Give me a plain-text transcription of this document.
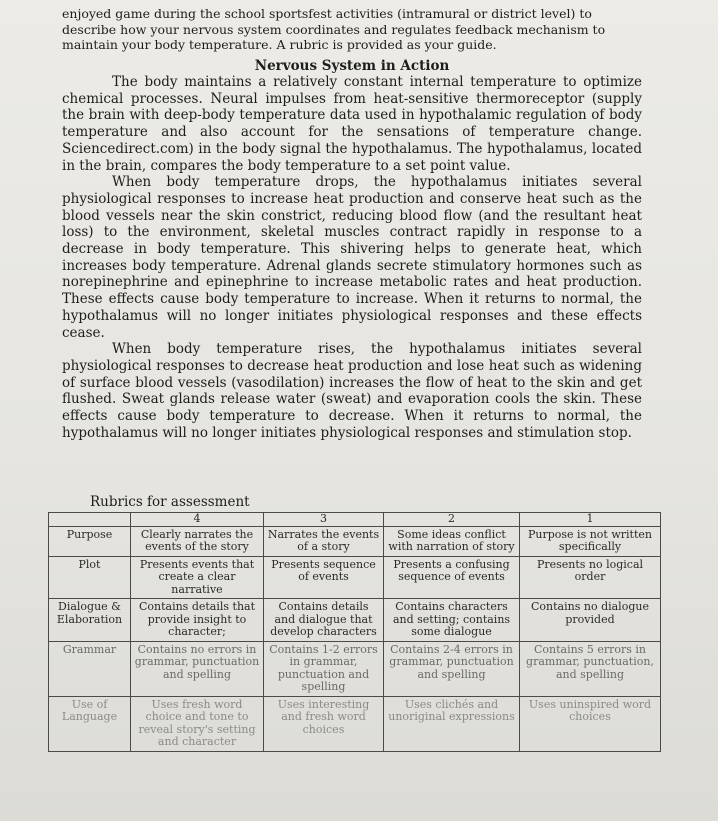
enjoyed game during the school sportsfest activities (intramural or district level) to describe how your nervous system coordinates and regulates feedback mechanism to maintain your body temperature. A rubric is provided as your guide.

Nervous System in Action

The body maintains a relatively constant internal temperature to optimize chemical processes. Neural impulses from heat-sensitive thermoreceptor (supply the brain with deep-body temperature data used in hypothalamic regulation of body temperature and also account for the sensations of temperature change. Sciencedirect.com) in the body signal the hypothalamus. The hypothalamus, located in the brain, compares the body temperature to a set point value.

When body temperature drops, the hypothalamus initiates several physiological responses to increase heat production and conserve heat such as the blood vessels near the skin constrict, reducing blood flow (and the resultant heat loss) to the environment, skeletal muscles contract rapidly in response to a decrease in body temperature. This shivering helps to generate heat, which increases body temperature. Adrenal glands secrete stimulatory hormones such as norepinephrine and epinephrine to increase metabolic rates and heat production. These effects cause body temperature to increase. When it returns to normal, the hypothalamus will no longer initiates physiological responses and these effects cease.

When body temperature rises, the hypothalamus initiates several physiological responses to decrease heat production and lose heat such as widening of surface blood vessels (vasodilation) increases the flow of heat to the skin and get flushed. Sweat glands release water (sweat) and evaporation cools the skin. These effects cause body temperature to decrease. When it returns to normal, the hypothalamus will no longer initiates physiological responses and stimulation stop.

Rubrics for assessment
	4	3	2	1
Purpose	Clearly narrates the events of the story	Narrates the events of a story	Some ideas conflict with narration of story	Purpose is not written specifically
Plot	Presents events that create a clear narrative	Presents sequence of events	Presents a confusing sequence of events	Presents no logical order
Dialogue & Elaboration	Contains details that provide insight to character;	Contains details and dialogue that develop characters	Contains characters and setting; contains some dialogue	Contains no dialogue provided
Grammar	Contains no errors in grammar, punctuation and spelling	Contains 1-2 errors in grammar, punctuation and spelling	Contains 2-4 errors in grammar, punctuation and spelling	Contains 5 errors in grammar, punctuation, and spelling
Use of Language	Uses fresh word choice and tone to reveal story's setting and character	Uses interesting and fresh word choices	Uses clichés and unoriginal expressions	Uses uninspired word choices
